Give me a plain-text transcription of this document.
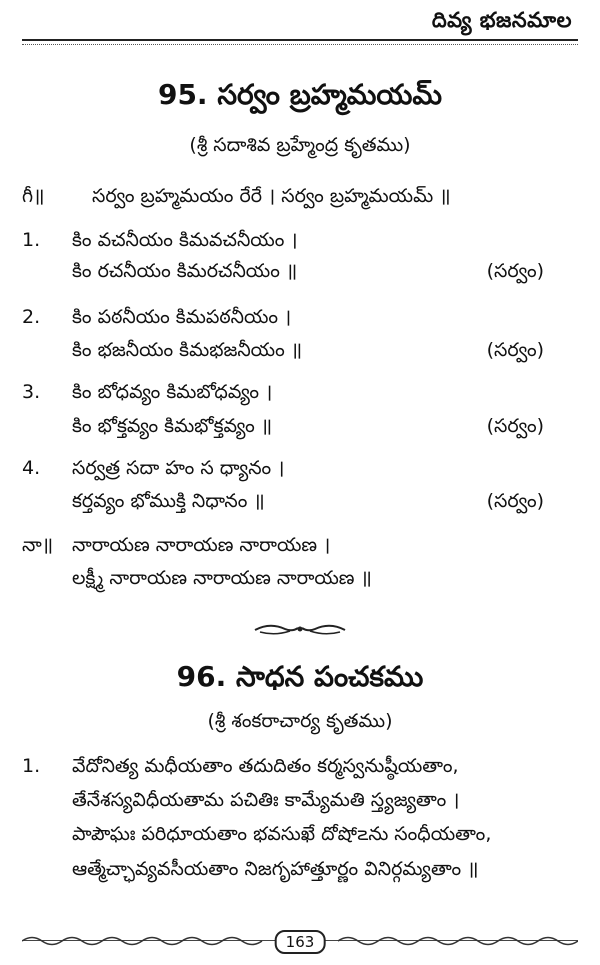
దివ్య భజనమాల
95. సర్వం బ్రహ్మమయమ్
(శ్రీ సదాశివ బ్రహ్మేంద్ర కృతము)
గీ॥	సర్వం బ్రహ్మమయం రేరే । సర్వం బ్రహ్మమయమ్ ॥
1. కిం వచనీయం కిమవచనీయం ।
కిం రచనీయం కిమరచనీయం ॥	(సర్వం)
2. కిం పఠనీయం కిమపఠనీయం ।
కిం భజనీయం కిమభజనీయం ॥	(సర్వం)
3. కిం బోధవ్యం కిమబోధవ్యం ।
కిం భోక్తవ్యం కిమభోక్తవ్యం ॥	(సర్వం)
4. సర్వత్ర సదా హం స ధ్యానం ।
కర్తవ్యం భోముక్తి నిధానం ॥	(సర్వం)
నా॥ నారాయణ నారాయణ నారాయణ ।
లక్ష్మీ నారాయణ నారాయణ నారాయణ ॥
96. సాధన పంచకము
(శ్రీ శంకరాచార్య కృతము)
1. వేదోనిత్య మధీయతాం తదుదితం కర్మస్వనుష్ఠీయతాం,
తేనేశస్యవిధీయతామ పచితిః కామ్యేమతి స్త్యజ్యతాం ।
పాపౌఘః పరిధూయతాం భవసుఖే దోషో౽ను సంధీయతాం,
ఆత్మేచ్ఛావ్యవసీయతాం నిజగృహాత్తూర్ణం వినిర్గమ్యతాం ॥
163
